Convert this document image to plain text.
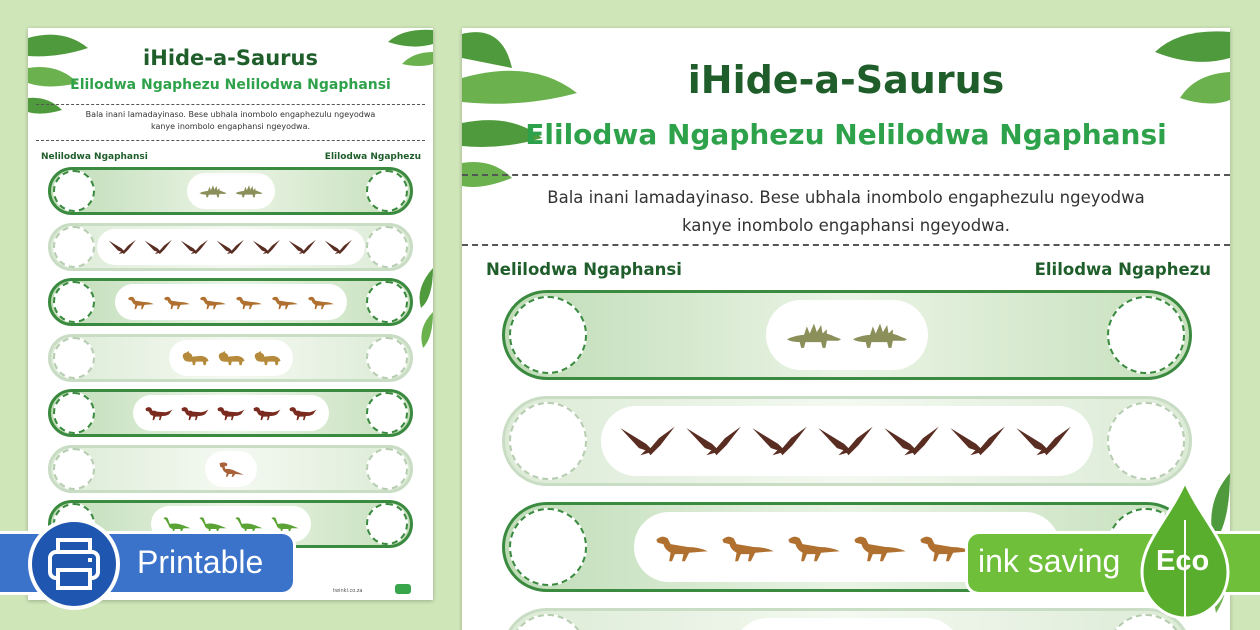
iHide-a-Saurus
Elilodwa Ngaphezu Nelilodwa Ngaphansi
Bala inani lamadayinaso. Bese ubhala inombolo engaphezulu ngeyodwa
kanye inombolo engaphansi ngeyodwa.
Nelilodwa Ngaphansi	Elilodwa Ngaphezu
twinkl.co.za
iHide-a-Saurus
Elilodwa Ngaphezu Nelilodwa Ngaphansi
Bala inani lamadayinaso. Bese ubhala inombolo engaphezulu ngeyodwa
kanye inombolo engaphansi ngeyodwa.
Nelilodwa Ngaphansi	Elilodwa Ngaphezu
Printable	ink saving Eco
